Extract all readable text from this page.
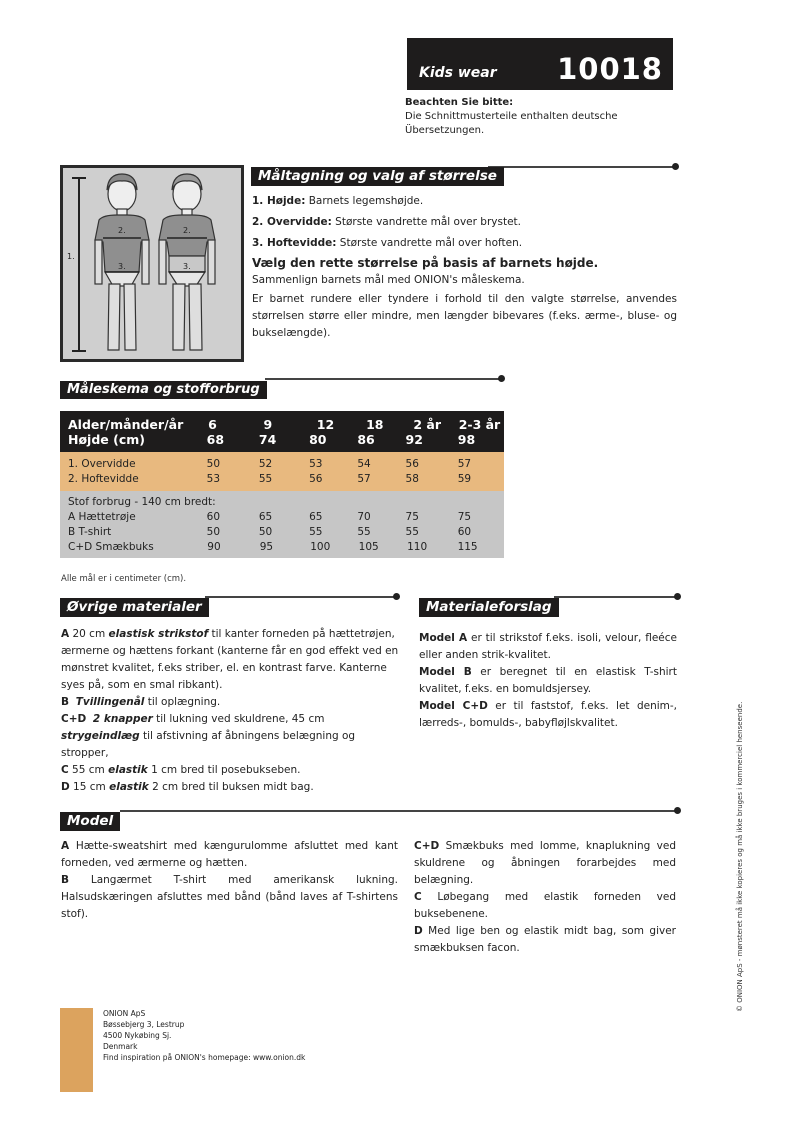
Kids wear 10018
Beachten Sie bitte:
Die Schnittmusterteile enthalten deutsche
Übersetzungen.
1.
2.
3.
2.
3.
Måltagning og valg af størrelse
1. Højde: Barnets legemshøjde.
2. Overvidde: Største vandrette mål over brystet.
3. Hoftevidde: Største vandrette mål over hoften.
Vælg den rette størrelse på basis af barnets højde.
Sammenlign barnets mål med ONION's måleskema.
Er barnet rundere eller tyndere i forhold til den valgte størrelse, anvendes størrelsen større eller mindre, men længder bibevares (f.eks. ærme-, bluse- og bukselængde).
Måleskema og stofforbrug
Alder/månder/år	6	9	12	18	2 år	2-3 år
Højde (cm)	68	74	80	86	92	98
1. Overvidde	50	52	53	54	56	57
2. Hoftevidde	53	55	56	57	58	59
Stof forbrug - 140 cm bredt:
A Hættetrøje	60	65	65	70	75	75
B T-shirt	50	50	55	55	55	60
C+D Smækbuks	90	95	100	105	110	115
Alle mål er i centimeter (cm).
Øvrige materialer
A 20 cm elastisk strikstof til kanter forneden på hættetrøjen, ærmerne og hættens forkant (kanterne får en god effekt ved en mønstret kvalitet, f.eks striber, el. en kontrast farve. Kanterne syes på, som en smal ribkant).
B Tvillingenål til oplægning.
C+D 2 knapper til lukning ved skuldrene, 45 cm strygeindlæg til afstivning af åbningens belægning og stropper,
C 55 cm elastik 1 cm bred til posebukseben.
D 15 cm elastik 2 cm bred til buksen midt bag.
Materialeforslag
Model A er til strikstof f.eks. isoli, velour, fleéce eller anden strik-kvalitet.
Model B er beregnet til en elastisk T-shirt kvalitet, f.eks. en bomuldsjersey.
Model C+D er til faststof, f.eks. let denim-, lærreds-, bomulds-, babyfløjlskvalitet.
Model
A Hætte-sweatshirt med kængurulomme afsluttet med kant forneden, ved ærmerne og hætten.
B Langærmet T-shirt med amerikansk lukning. Halsudskæringen afsluttes med bånd (bånd laves af T-shirtens stof).
C+D Smækbuks med lomme, knaplukning ved skuldrene og åbningen forarbejdes med belægning.
C Løbegang med elastik forneden ved buksebenene.
D Med lige ben og elastik midt bag, som giver smækbuksen facon.
ONION ApS
Bøssebjerg 3, Lestrup
4500 Nykøbing Sj.
Denmark
Find inspiration på ONION's homepage: www.onion.dk
© ONION ApS - mønsteret må ikke kopieres og må ikke bruges i kommerciel henseende.
